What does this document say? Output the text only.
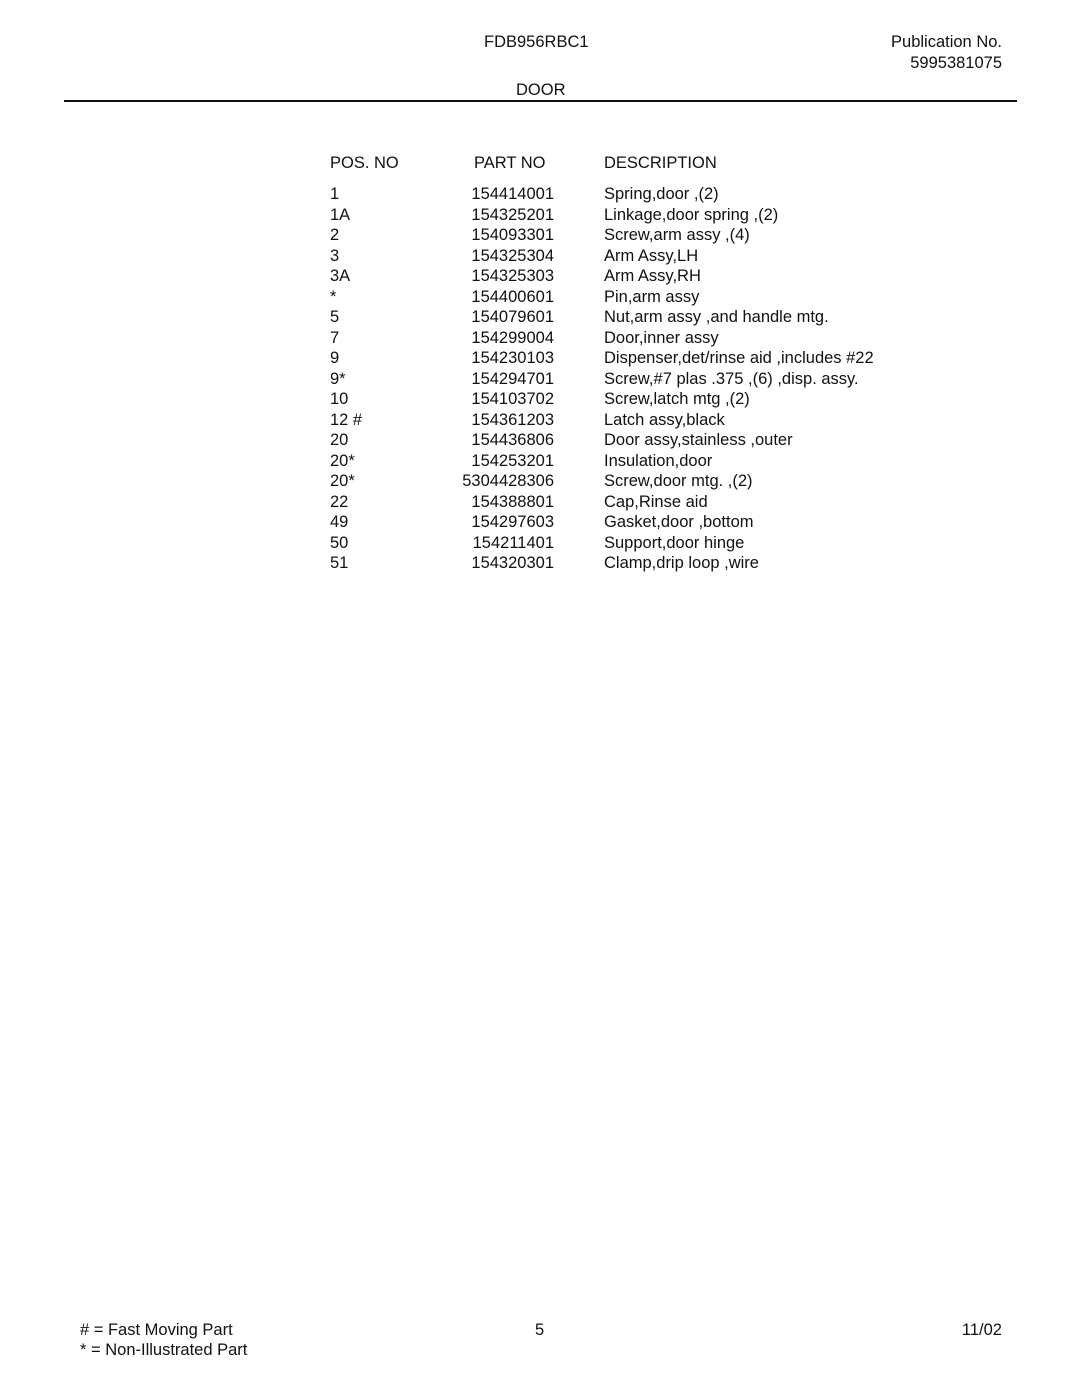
FDB956RBC1	Publication No.
5995381075
DOOR
POS. NO	PART NO	DESCRIPTION
1	154414001	Spring,door ,(2)
1A	154325201	Linkage,door spring ,(2)
2	154093301	Screw,arm assy ,(4)
3	154325304	Arm Assy,LH
3A	154325303	Arm Assy,RH
*	154400601	Pin,arm assy
5	154079601	Nut,arm assy ,and handle mtg.
7	154299004	Door,inner assy
9	154230103	Dispenser,det/rinse aid ,includes #22
9*	154294701	Screw,#7 plas .375 ,(6) ,disp. assy.
10	154103702	Screw,latch mtg ,(2)
12 #	154361203	Latch assy,black
20	154436806	Door assy,stainless ,outer
20*	154253201	Insulation,door
20*	5304428306	Screw,door mtg. ,(2)
22	154388801	Cap,Rinse aid
49	154297603	Gasket,door ,bottom
50	154211401	Support,door hinge
51	154320301	Clamp,drip loop ,wire
# = Fast Moving Part
* = Non-Illustrated Part
5	11/02
